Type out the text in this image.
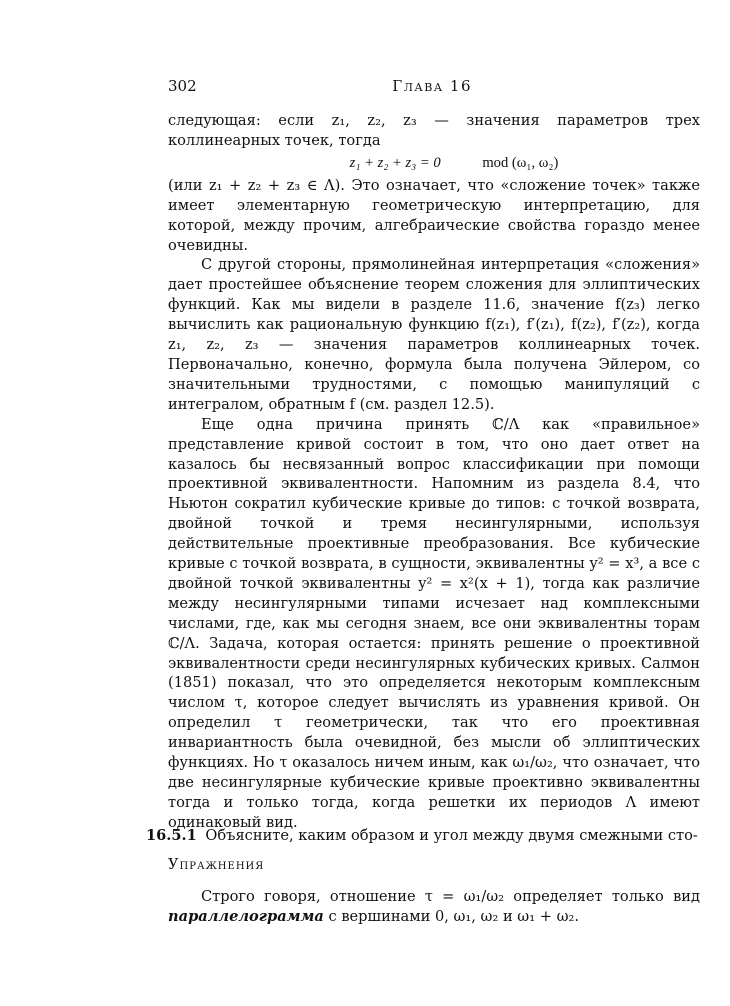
302	Глава 16

следующая: если z₁, z₂, z₃ — значения параметров трех коллинеарных точек, тогда

z₁ + z₂ + z₃ = 0	mod (ω₁, ω₂)

(или z₁ + z₂ + z₃ ∈ Λ). Это означает, что «сложение точек» также имеет элементарную геометрическую интерпретацию, для которой, между прочим, алгебраические свойства гораздо менее очевидны.

С другой стороны, прямолинейная интерпретация «сложения» дает простейшее объяснение теорем сложения для эллиптических функций. Как мы видели в разделе 11.6, значение f(z₃) легко вычислить как рациональную функцию f(z₁), f′(z₁), f(z₂), f′(z₂), когда z₁, z₂, z₃ — значения параметров коллинеарных точек. Первоначально, конечно, формула была получена Эйлером, со значительными трудностями, с помощью манипуляций с интегралом, обратным f (см. раздел 12.5).

Еще одна причина принять ℂ/Λ как «правильное» представление кривой состоит в том, что оно дает ответ на казалось бы несвязанный вопрос классификации при помощи проективной эквивалентности. Напомним из раздела 8.4, что Ньютон сократил кубические кривые до типов: с точкой возврата, двойной точкой и тремя несингулярными, используя действительные проективные преобразования. Все кубические кривые с точкой возврата, в сущности, эквивалентны y² = x³, а все с двойной точкой эквивалентны y² = x²(x + 1), тогда как различие между несингулярными типами исчезает над комплексными числами, где, как мы сегодня знаем, все они эквивалентны торам ℂ/Λ. Задача, которая остается: принять решение о проективной эквивалентности среди несингулярных кубических кривых. Салмон (1851) показал, что это определяется некоторым комплексным числом τ, которое следует вычислять из уравнения кривой. Он определил τ геометрически, так что его проективная инвариантность была очевидной, без мысли об эллиптических функциях. Но τ оказалось ничем иным, как ω₁/ω₂, что означает, что две несингулярные кубические кривые проективно эквивалентны тогда и только тогда, когда решетки их периодов Λ имеют одинаковый вид.

Упражнения

Строго говоря, отношение τ = ω₁/ω₂ определяет только вид параллелограмма с вершинами 0, ω₁, ω₂ и ω₁ + ω₂.

16.5.1 Объясните, каким образом и угол между двумя смежными сто-
